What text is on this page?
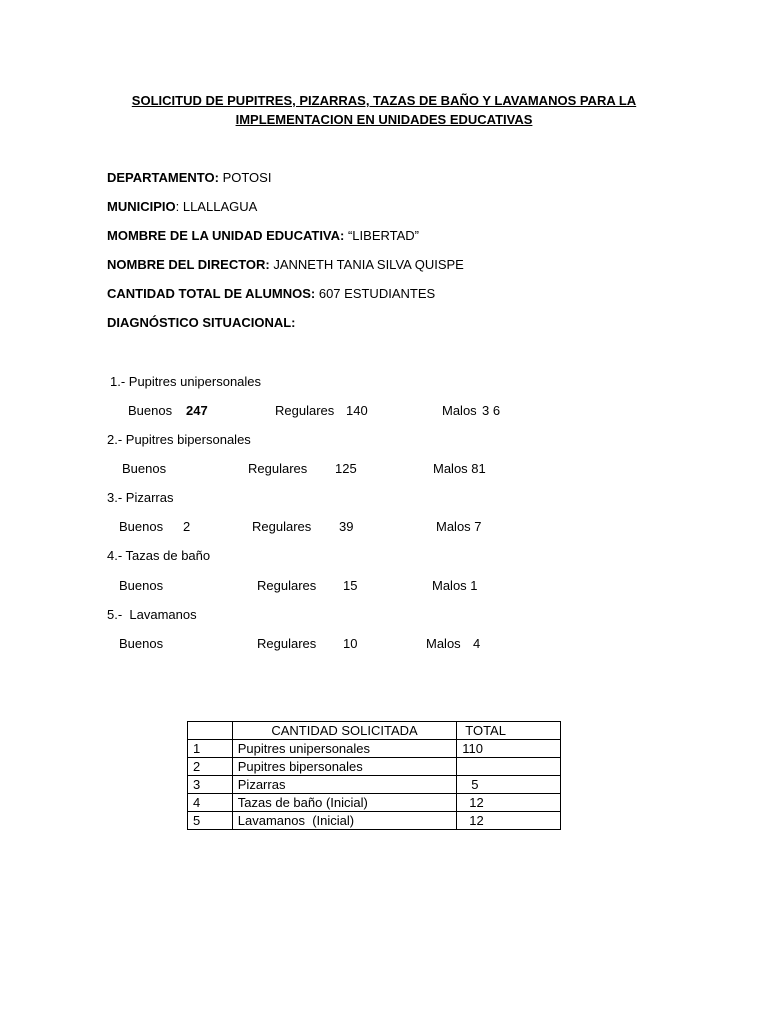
SOLICITUD DE PUPITRES, PIZARRAS, TAZAS DE BAÑO Y LAVAMANOS PARA LA
IMPLEMENTACION EN UNIDADES EDUCATIVAS
DEPARTAMENTO: POTOSI
MUNICIPIO: LLALLAGUA
MOMBRE DE LA UNIDAD EDUCATIVA: “LIBERTAD”
NOMBRE DEL DIRECTOR: JANNETH TANIA SILVA QUISPE
CANTIDAD TOTAL DE ALUMNOS: 607 ESTUDIANTES
DIAGNÓSTICO SITUACIONAL:
1.- Pupitres unipersonales
Buenos 247	Regulares 140	Malos 3 6
2.- Pupitres bipersonales
Buenos	Regulares 125	Malos 81
3.- Pizarras
Buenos 2	Regulares 39	Malos 7
4.- Tazas de baño
Buenos	Regulares 15	Malos 1
5.-  Lavamanos
Buenos	Regulares 10	Malos 4
	CANTIDAD SOLICITADA	TOTAL
1	Pupitres unipersonales	110
2	Pupitres bipersonales	
3	Pizarras	5
4	Tazas de baño (Inicial)	12
5	Lavamanos  (Inicial)	12
